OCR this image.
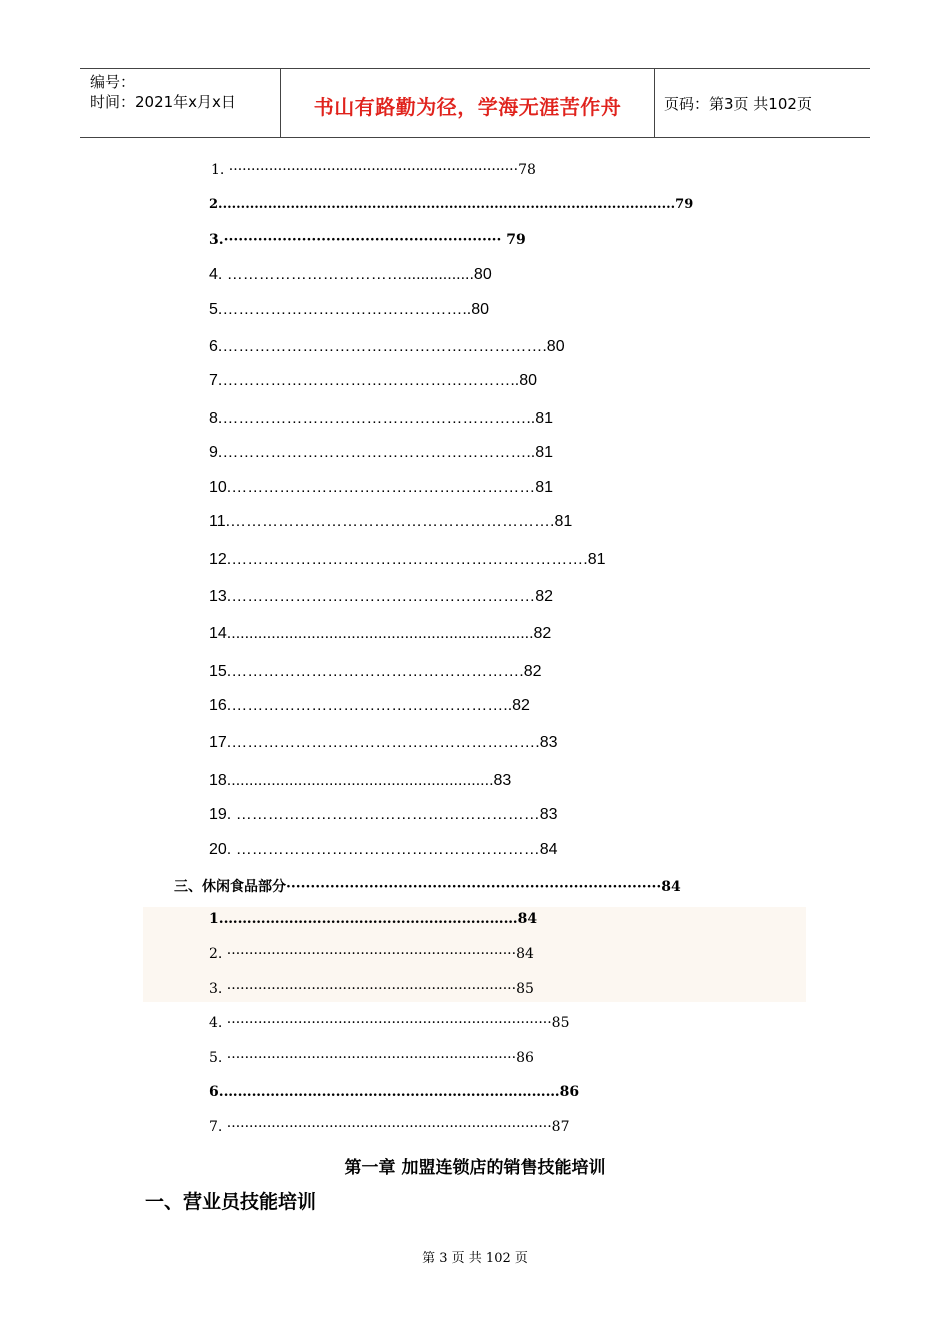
编号：
时间：2021年x月x日	书山有路勤为径，学海无涯苦作舟	页码：第3页 共102页
1. ·································································78
2.....................................................................................................79
3.························································· 79
4. ……………………………................80
5.………………………………………..80
6.…………………………………………………….80
7.………………………………………………..80
8.…………………………………………………..81
9.…………………………………………………..81
10.…………………………………………………81
11.…………………………………………………….81
12.………………………………………………………….81
13.…………………………………………………82
14.....................................................................82
15.……………………………………………….82
16.……………………………………………..82
17.………………………………………………….83
18............................................................83
19. …………………………………………………83
20. …………………………………………………84
三、休闲食品部分·············································································84
1.………………………………………………………84
2. ·································································84
3. ·································································85
4. ·········································································85
5. ·································································86
6.………………………………………………………………86
7. ·········································································87
第一章 加盟连锁店的销售技能培训
一、营业员技能培训
第 3 页 共 102 页
